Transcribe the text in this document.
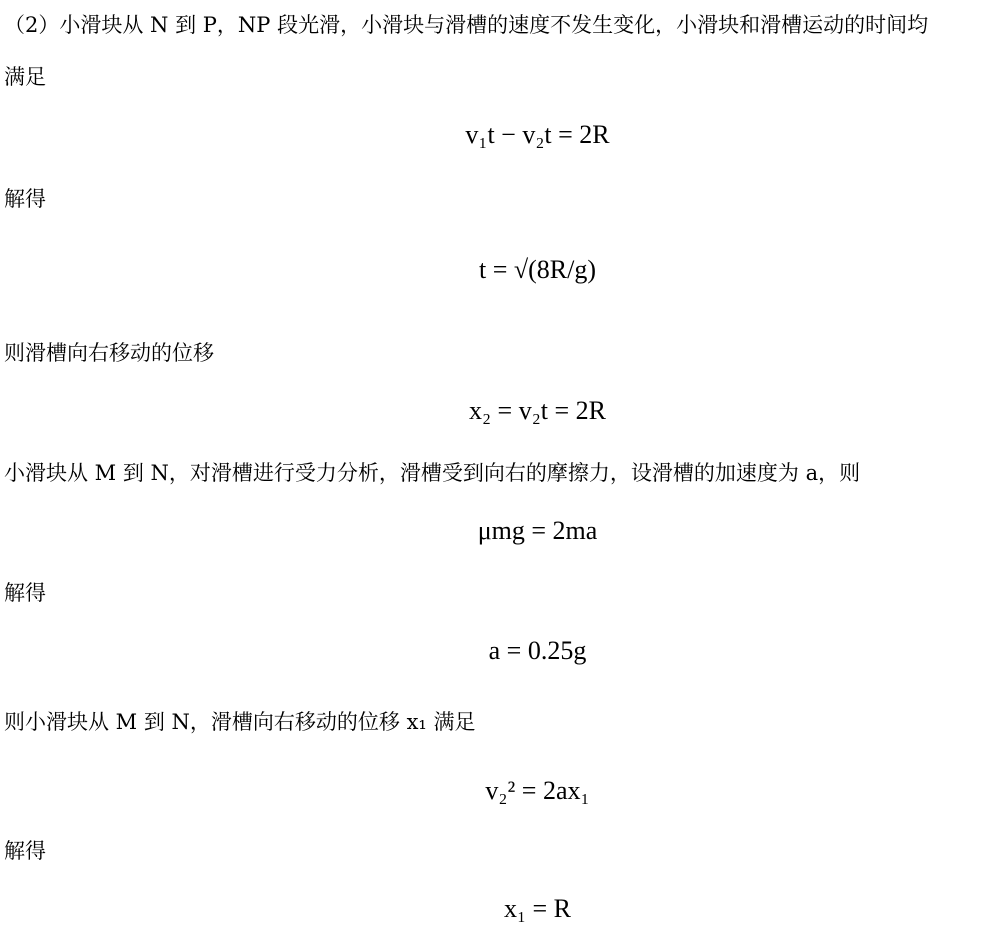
（2）小滑块从 N 到 P，NP 段光滑，小滑块与滑槽的速度不发生变化，小滑块和滑槽运动的时间均
满足
v₁t − v₂t = 2R
解得
t = √(8R/g)
则滑槽向右移动的位移
x₂ = v₂t = 2R
小滑块从 M 到 N，对滑槽进行受力分析，滑槽受到向右的摩擦力，设滑槽的加速度为 a，则
μmg = 2ma
解得
a = 0.25g
则小滑块从 M 到 N，滑槽向右移动的位移 x₁ 满足
v₂² = 2ax₁
解得
x₁ = R
